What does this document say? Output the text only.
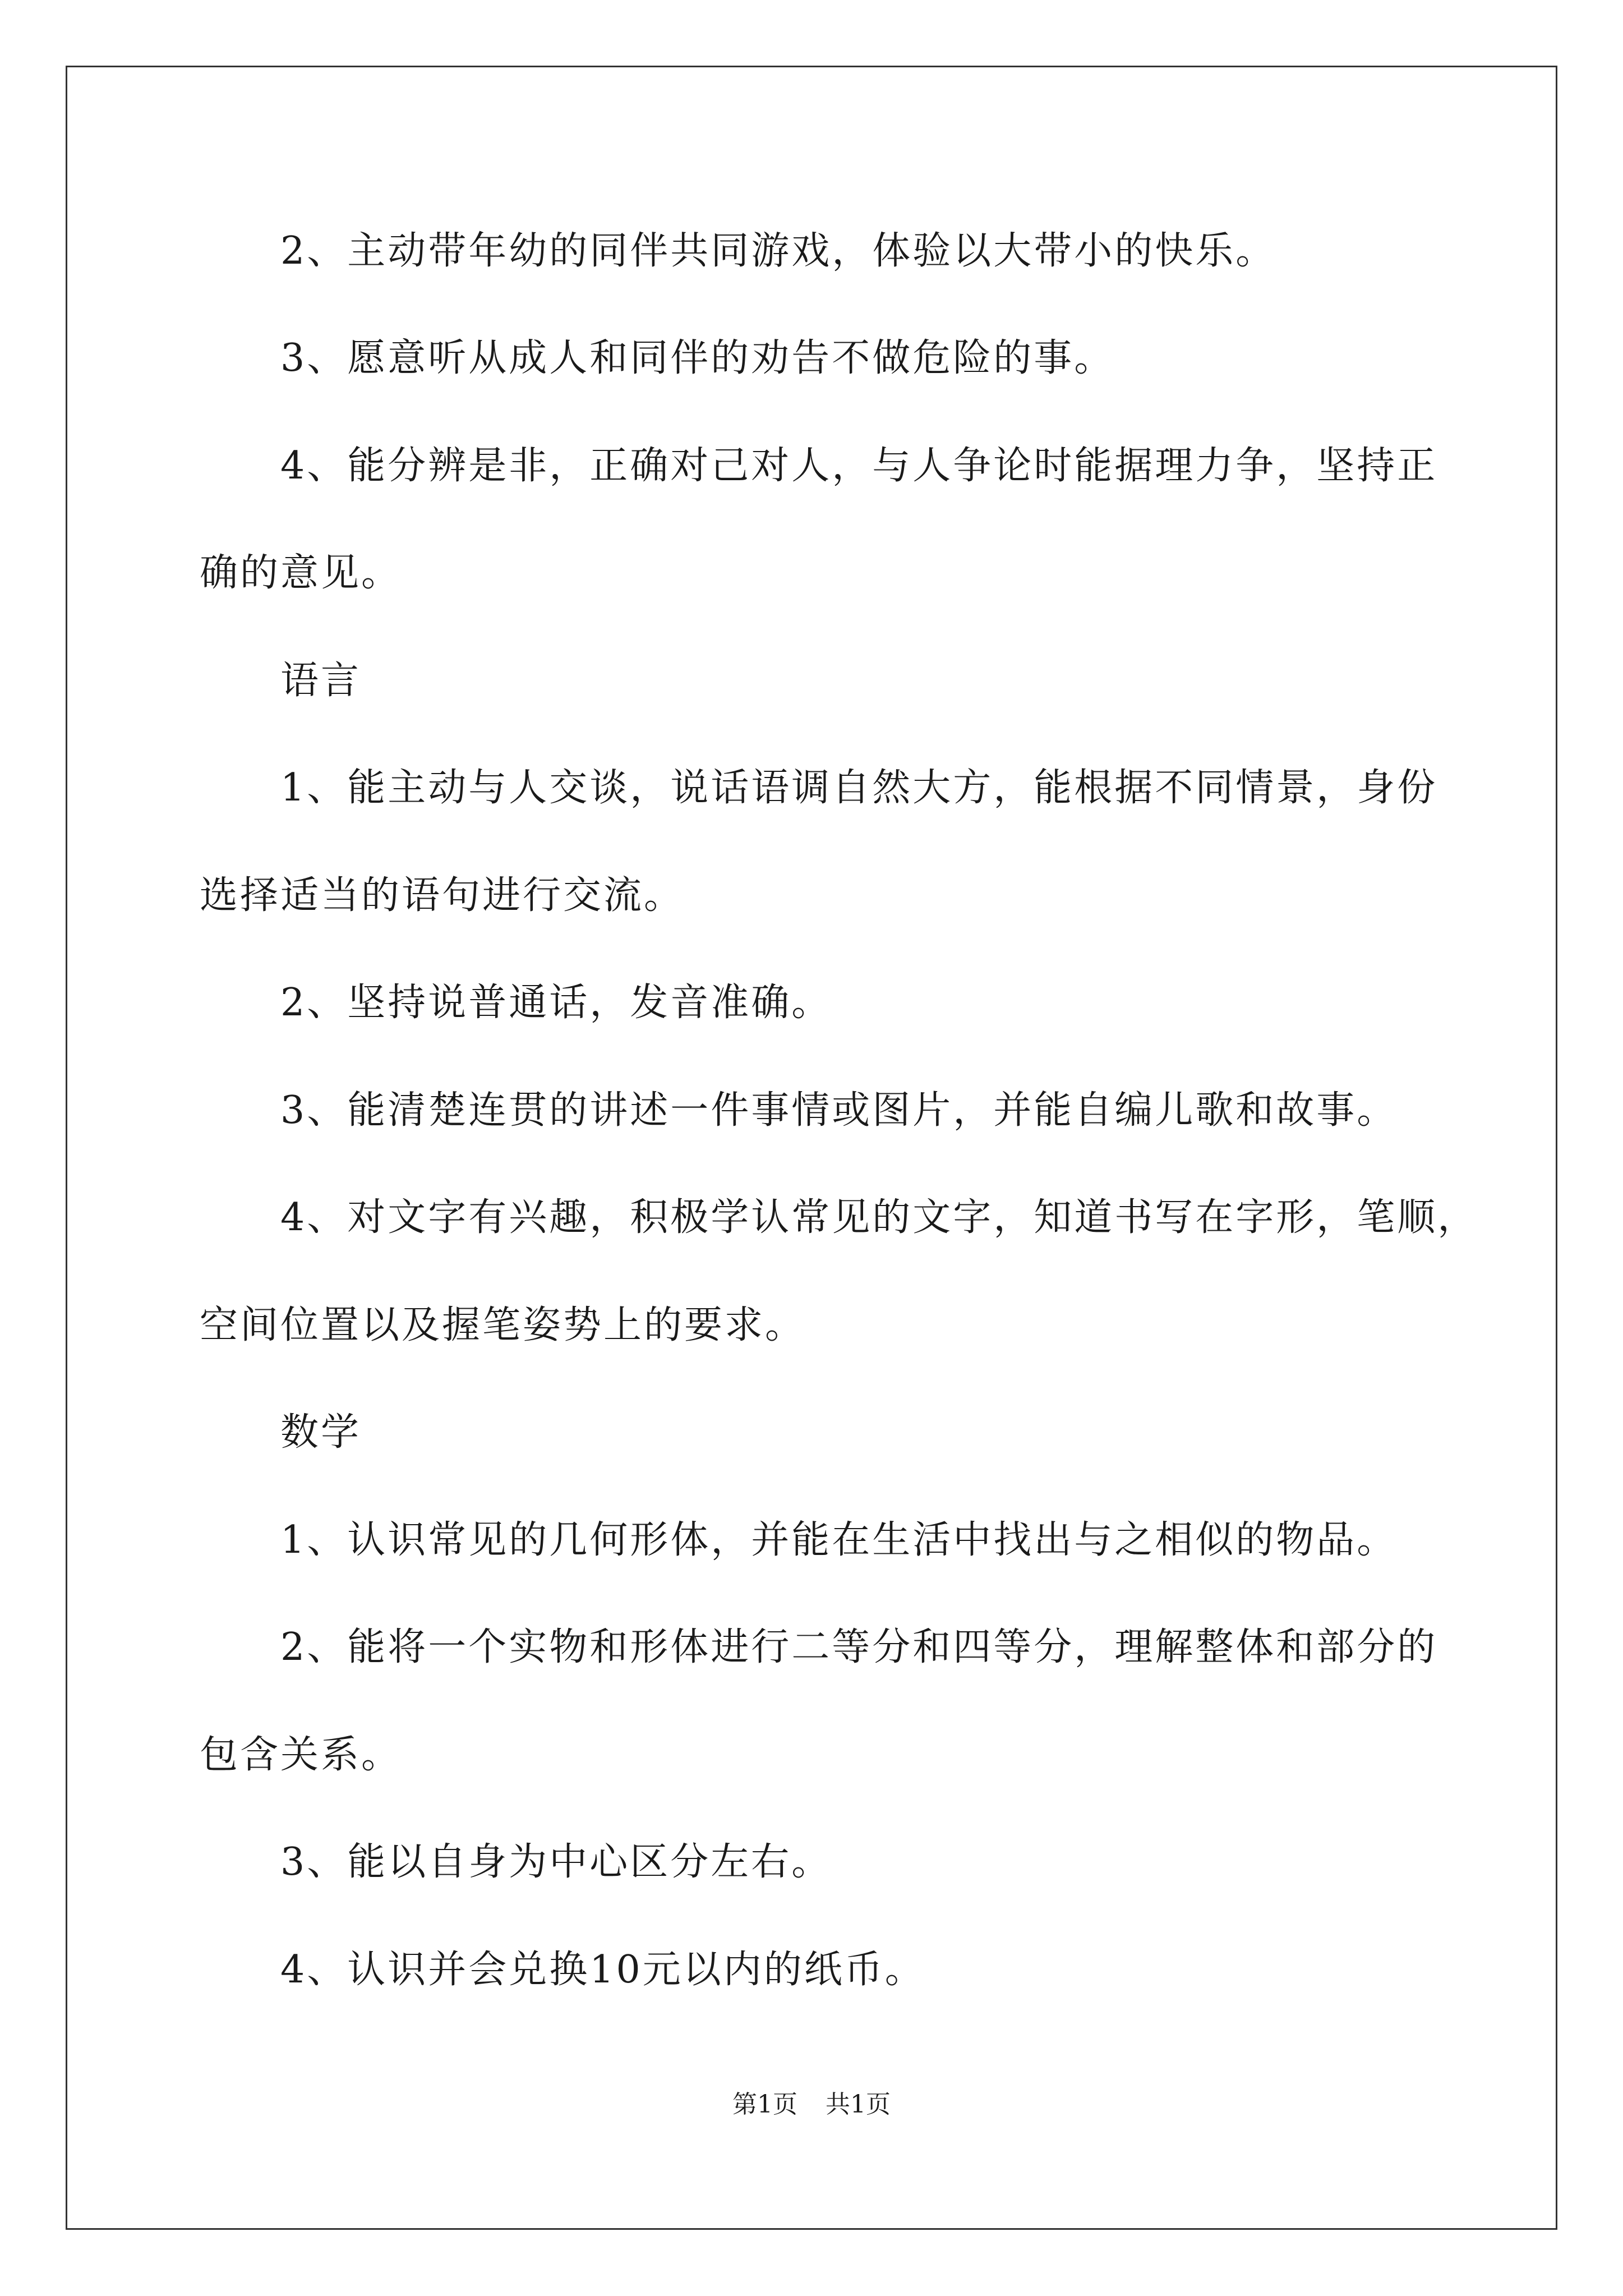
2、主动带年幼的同伴共同游戏，体验以大带小的快乐。
3、愿意听从成人和同伴的劝告不做危险的事。
4、能分辨是非，正确对己对人，与人争论时能据理力争，坚持正
确的意见。
语言
1、能主动与人交谈，说话语调自然大方，能根据不同情景，身份
选择适当的语句进行交流。
2、坚持说普通话，发音准确。
3、能清楚连贯的讲述一件事情或图片，并能自编儿歌和故事。
4、对文字有兴趣，积极学认常见的文字，知道书写在字形，笔顺，
空间位置以及握笔姿势上的要求。
数学
1、认识常见的几何形体，并能在生活中找出与之相似的物品。
2、能将一个实物和形体进行二等分和四等分，理解整体和部分的
包含关系。
3、能以自身为中心区分左右。
4、认识并会兑换10元以内的纸币。
第1页 共1页
